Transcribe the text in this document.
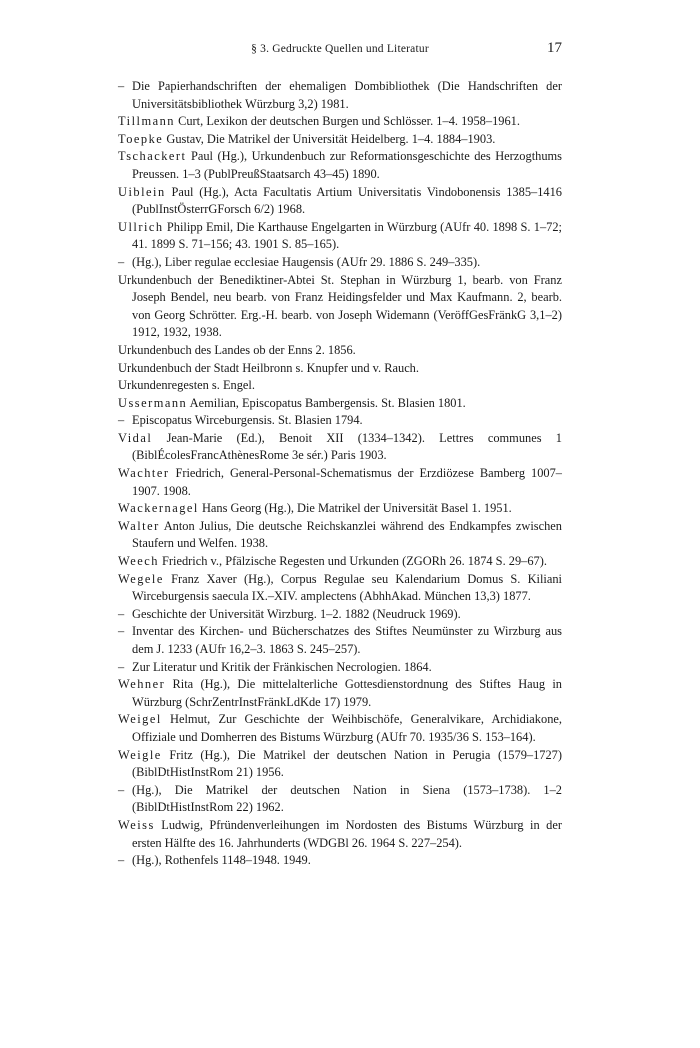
§ 3. Gedruckte Quellen und Literatur	17

– Die Papierhandschriften der ehemaligen Dombibliothek (Die Handschriften der Universitätsbibliothek Würzburg 3,2) 1981.

Tillmann Curt, Lexikon der deutschen Burgen und Schlösser. 1–4. 1958–1961.

Toepke Gustav, Die Matrikel der Universität Heidelberg. 1–4. 1884–1903.

Tschackert Paul (Hg.), Urkundenbuch zur Reformationsgeschichte des Herzogthums Preussen. 1–3 (PublPreußStaatsarch 43–45) 1890.

Uiblein Paul (Hg.), Acta Facultatis Artium Universitatis Vindobonensis 1385–1416 (PublInstÖsterrGForsch 6/2) 1968.

Ullrich Philipp Emil, Die Karthause Engelgarten in Würzburg (AUfr 40. 1898 S. 1–72; 41. 1899 S. 71–156; 43. 1901 S. 85–165).

– (Hg.), Liber regulae ecclesiae Haugensis (AUfr 29. 1886 S. 249–335).

Urkundenbuch der Benediktiner-Abtei St. Stephan in Würzburg 1, bearb. von Franz Joseph Bendel, neu bearb. von Franz Heidingsfelder und Max Kaufmann. 2, bearb. von Georg Schrötter. Erg.-H. bearb. von Joseph Widemann (VeröffGesFränkG 3,1–2) 1912, 1932, 1938.

Urkundenbuch des Landes ob der Enns 2. 1856.

Urkundenbuch der Stadt Heilbronn s. Knupfer und v. Rauch.

Urkundenregesten s. Engel.

Ussermann Aemilian, Episcopatus Bambergensis. St. Blasien 1801.

– Episcopatus Wirceburgensis. St. Blasien 1794.

Vidal Jean-Marie (Ed.), Benoit XII (1334–1342). Lettres communes 1 (BiblÉcolesFrancAthènesRome 3e sér.) Paris 1903.

Wachter Friedrich, General-Personal-Schematismus der Erzdiözese Bamberg 1007–1907. 1908.

Wackernagel Hans Georg (Hg.), Die Matrikel der Universität Basel 1. 1951.

Walter Anton Julius, Die deutsche Reichskanzlei während des Endkampfes zwischen Staufern und Welfen. 1938.

Weech Friedrich v., Pfälzische Regesten und Urkunden (ZGORh 26. 1874 S. 29–67).

Wegele Franz Xaver (Hg.), Corpus Regulae seu Kalendarium Domus S. Kiliani Wirceburgensis saecula IX.–XIV. amplectens (AbhhAkad. München 13,3) 1877.

– Geschichte der Universität Wirzburg. 1–2. 1882 (Neudruck 1969).

– Inventar des Kirchen- und Bücherschatzes des Stiftes Neumünster zu Wirzburg aus dem J. 1233 (AUfr 16,2–3. 1863 S. 245–257).

– Zur Literatur und Kritik der Fränkischen Necrologien. 1864.

Wehner Rita (Hg.), Die mittelalterliche Gottesdienstordnung des Stiftes Haug in Würzburg (SchrZentrInstFränkLdKde 17) 1979.

Weigel Helmut, Zur Geschichte der Weihbischöfe, Generalvikare, Archidiakone, Offiziale und Domherren des Bistums Würzburg (AUfr 70. 1935/36 S. 153–164).

Weigle Fritz (Hg.), Die Matrikel der deutschen Nation in Perugia (1579–1727) (BiblDtHistInstRom 21) 1956.

– (Hg.), Die Matrikel der deutschen Nation in Siena (1573–1738). 1–2 (BiblDtHistInstRom 22) 1962.

Weiss Ludwig, Pfründenverleihungen im Nordosten des Bistums Würzburg in der ersten Hälfte des 16. Jahrhunderts (WDGBl 26. 1964 S. 227–254).

– (Hg.), Rothenfels 1148–1948. 1949.
